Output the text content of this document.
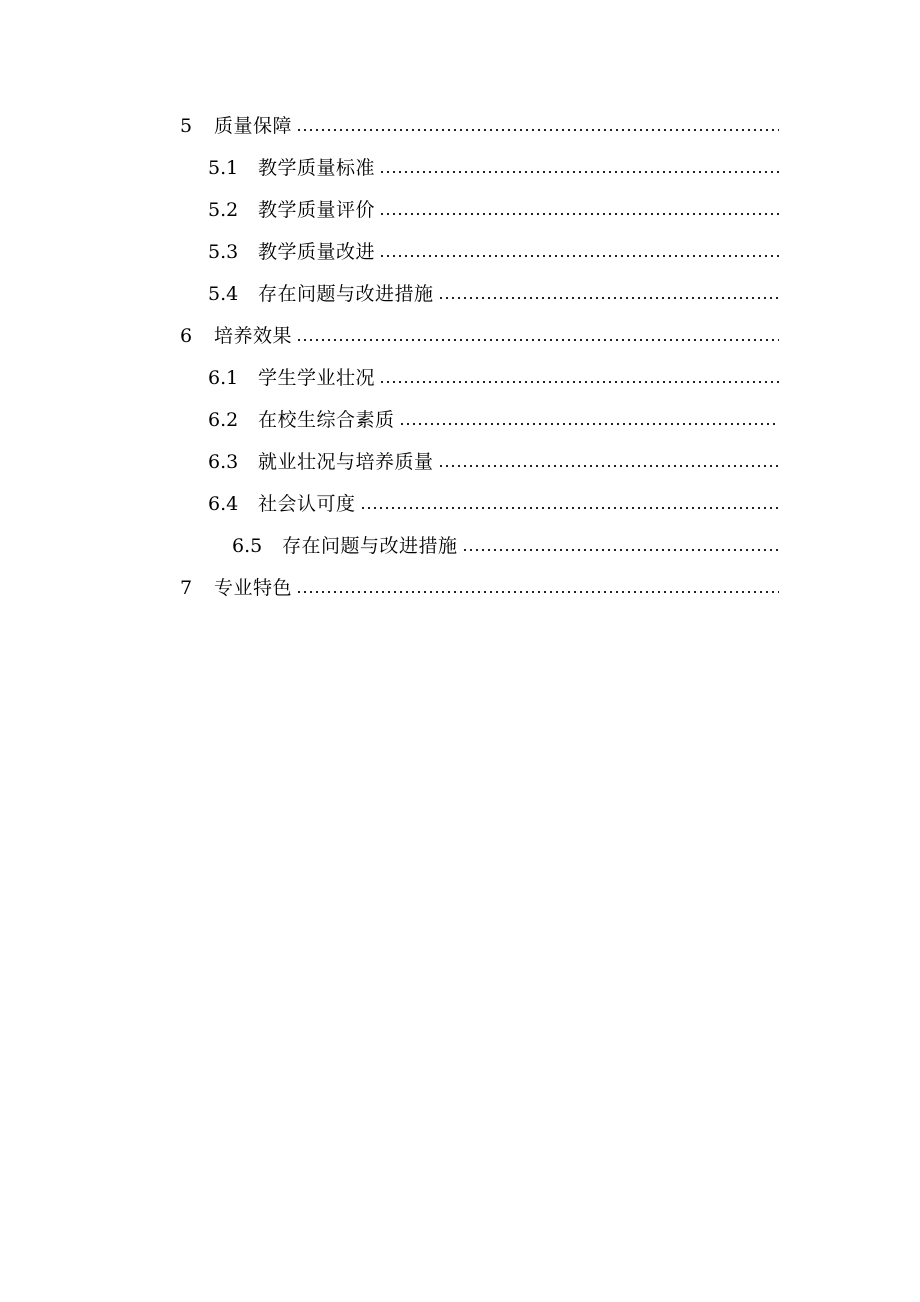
5	质量保障
5.1	教学质量标准
5.2	教学质量评价
5.3	教学质量改进
5.4	存在问题与改进措施
6	培养效果
6.1	学生学业壮况
6.2	在校生综合素质
6.3	就业壮况与培养质量
6.4	社会认可度
6.5	存在问题与改进措施
7	专业特色
